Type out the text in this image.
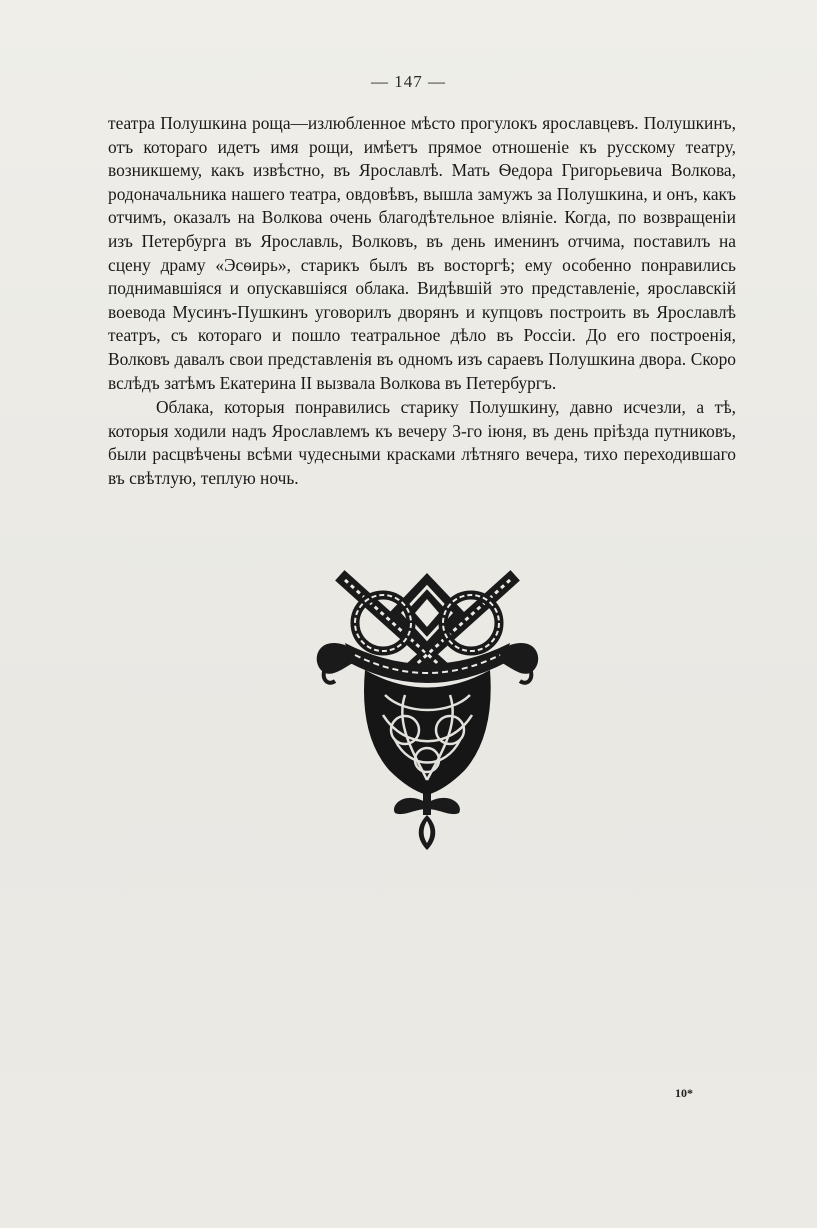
— 147 —

театра Полушкина роща—излюбленное мѣсто прогулокъ ярославцевъ. Полушкинъ, отъ котораго идетъ имя рощи, имѣетъ прямое отношеніе къ русскому театру, возникшему, какъ извѣстно, въ Ярославлѣ. Мать Ѳедора Григорьевича Волкова, родоначальника нашего театра, овдовѣвъ, вышла замужъ за Полушкина, и онъ, какъ отчимъ, оказалъ на Волкова очень благодѣтельное вліяніе. Когда, по возвращеніи изъ Петербурга въ Ярославль, Волковъ, въ день именинъ отчима, поставилъ на сцену драму «Эсѳирь», старикъ былъ въ восторгѣ; ему особенно понравились поднимавшіяся и опускавшіяся облака. Видѣвшій это представленіе, ярославскій воевода Мусинъ-Пушкинъ уговорилъ дворянъ и купцовъ построить въ Ярославлѣ театръ, съ котораго и пошло театральное дѣло въ Россіи. До его построенія, Волковъ давалъ свои представленія въ одномъ изъ сараевъ Полушкина двора. Скоро вслѣдъ затѣмъ Екатерина II вызвала Волкова въ Петербургъ.

Облака, которыя понравились старику Полушкину, давно исчезли, а тѣ, которыя ходили надъ Ярославлемъ къ вечеру 3-го іюня, въ день пріѣзда путниковъ, были расцвѣчены всѣми чудесными красками лѣтняго вечера, тихо переходившаго въ свѣтлую, теплую ночь.

10*
